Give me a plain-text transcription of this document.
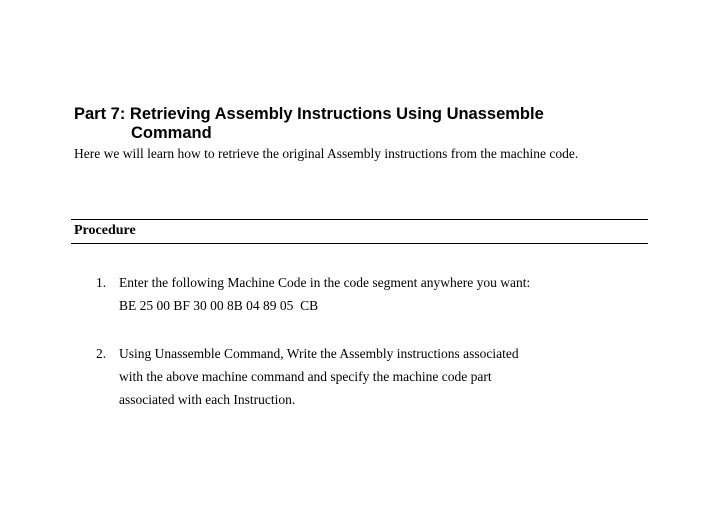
Part 7: Retrieving Assembly Instructions Using Unassemble
Command

Here we will learn how to retrieve the original Assembly instructions from the machine code.

Procedure
1. Enter the following Machine Code in the code segment anywhere you want:
BE 25 00 BF 30 00 8B 04 89 05  CB
2. Using Unassemble Command, Write the Assembly instructions associated
with the above machine command and specify the machine code part
associated with each Instruction.
